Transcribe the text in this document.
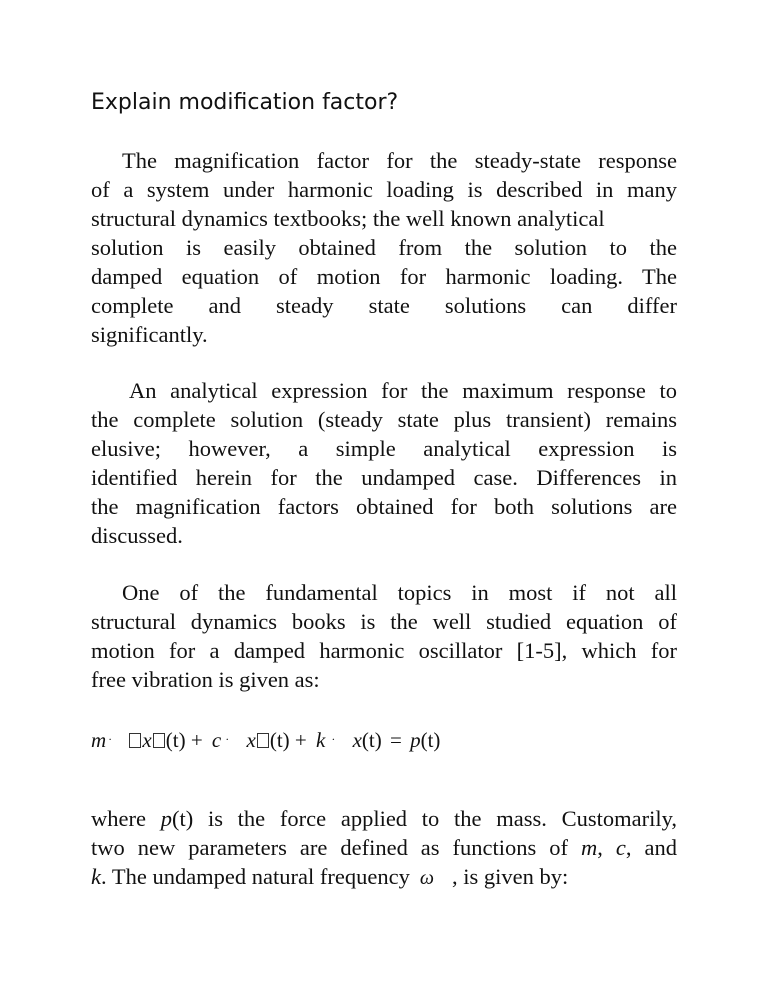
Explain modification factor?
The magnification factor for the steady-state response
of a system under harmonic loading is described in many
structural dynamics textbooks; the well known analytical
solution is easily obtained from the solution to the
damped equation of motion for harmonic loading. The
complete and steady state solutions can differ
significantly.
An analytical expression for the maximum response to
the complete solution (steady state plus transient) remains
elusive; however, a simple analytical expression is
identified herein for the undamped case. Differences in
the magnification factors obtained for both solutions are
discussed.
One of the fundamental topics in most if not all
structural dynamics books is the well studied equation of
motion for a damped harmonic oscillator [1-5], which for
free vibration is given as:
m · x (t) + c · x (t) + k · x(t) = p(t)
where p(t) is the force applied to the mass. Customarily,
two new parameters are defined as functions of m, c, and
k. The undamped natural frequency ω , is given by:
